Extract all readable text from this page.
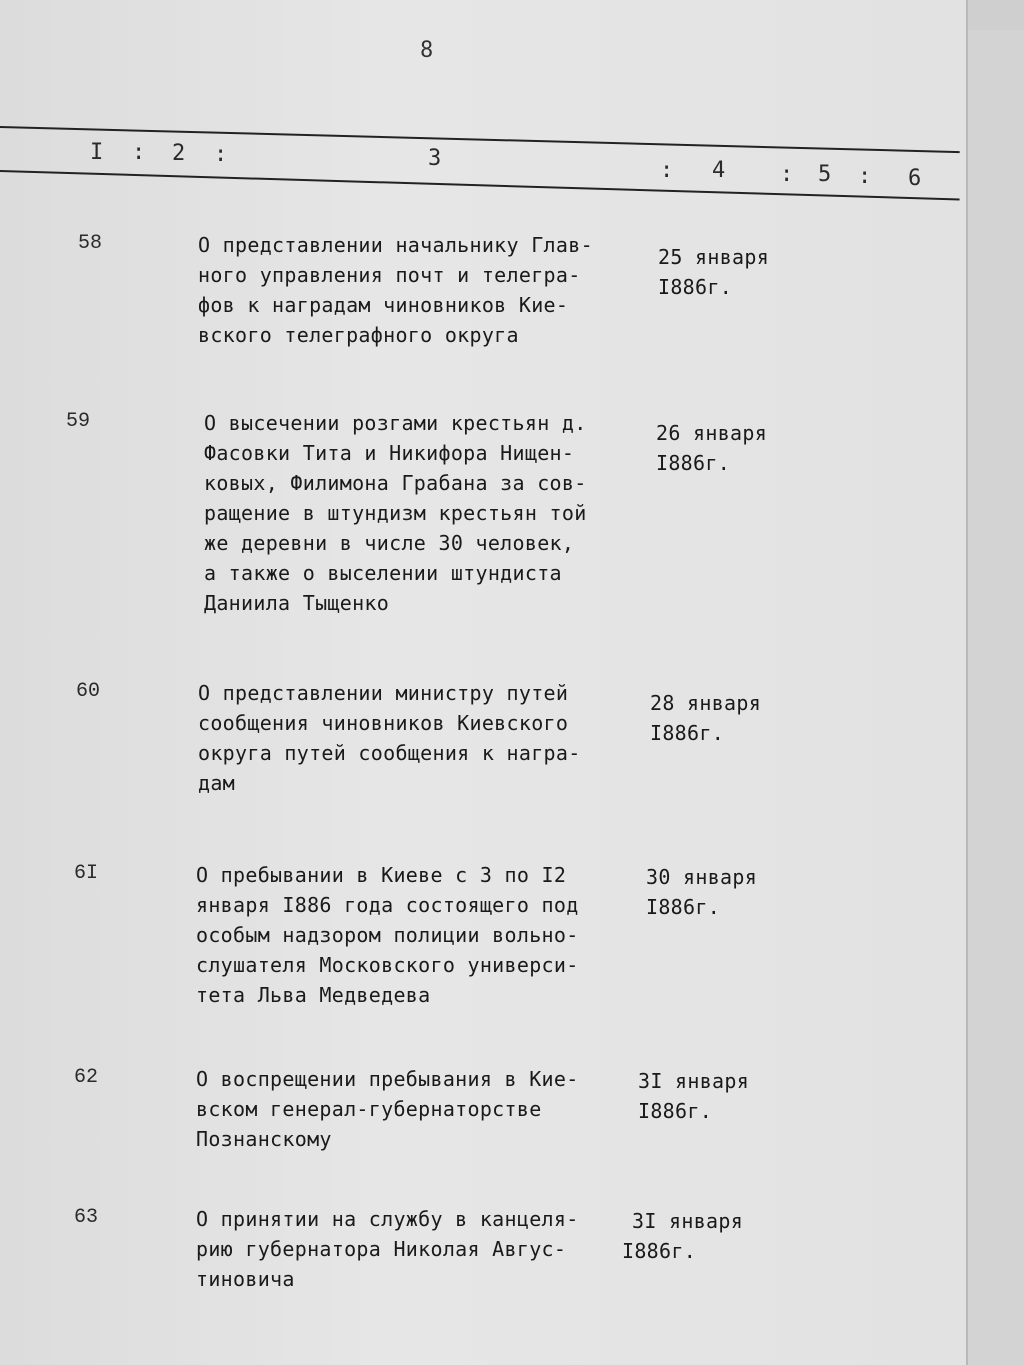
8
I : 2 :	3	: 4 : 5 : 6
58	О представлении начальнику Глав-
ного управления почт и телегра-
фов к наградам чиновников Кие-
вского телеграфного округа
25 января
I886г.
59	О высечении розгами крестьян д.
Фасовки Тита и Никифора Нищен-
ковых, Филимона Грабана за сов-
ращение в штундизм крестьян той
же деревни в числе 30 человек,
а также о выселении штундиста
Даниила Тыщенко
26 января
I886г.
60	О представлении министру путей
сообщения чиновников Киевского
округа путей сообщения к награ-
дам
28 января
I886г.
6I	О пребывании в Киеве с 3 по I2
января I886 года состоящего под
особым надзором полиции вольно-
слушателя Московского универси-
тета Льва Медведева
30 января
I886г.
62	О воспрещении пребывания в Кие-
вском генерал-губернаторстве
Познанскому
3I января
I886г.
63	О принятии на службу в канцеля-
рию губернатора Николая Авгус-
тиновича
3I января
I886г.
